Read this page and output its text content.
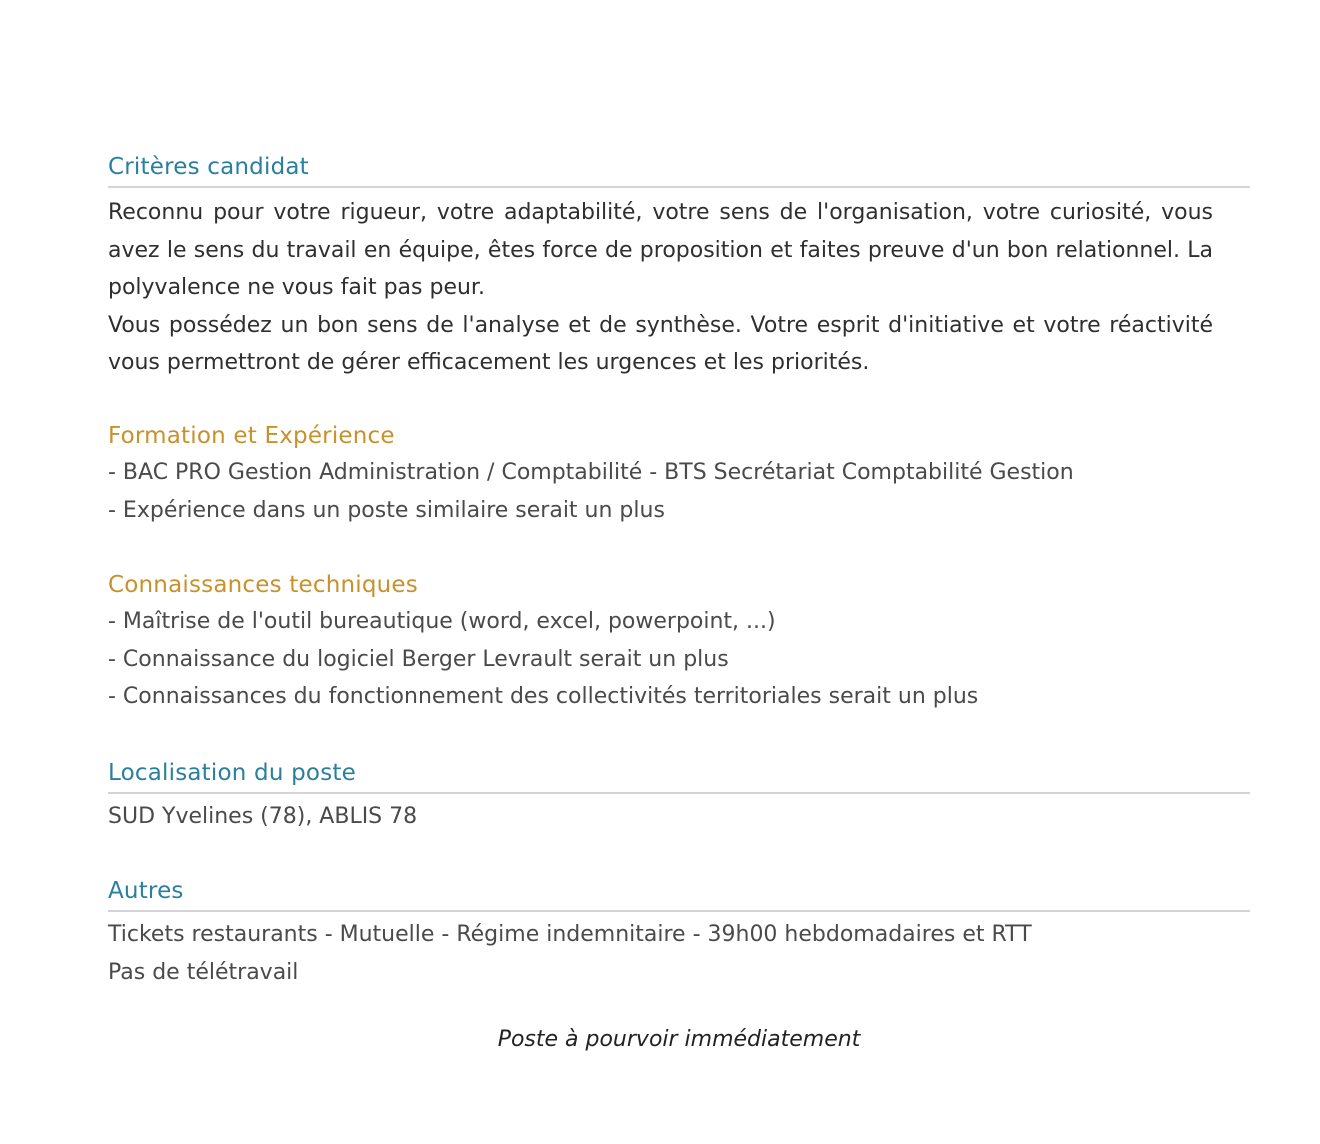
Critères candidat

Reconnu pour votre rigueur, votre adaptabilité, votre sens de l'organisation, votre curiosité, vous avez le sens du travail en équipe, êtes force de proposition et faites preuve d'un bon relationnel. La polyvalence ne vous fait pas peur.

Vous possédez un bon sens de l'analyse et de synthèse. Votre esprit d'initiative et votre réactivité vous permettront de gérer efficacement les urgences et les priorités.

Formation et Expérience

- BAC PRO Gestion Administration / Comptabilité - BTS Secrétariat Comptabilité Gestion

- Expérience dans un poste similaire serait un plus

Connaissances techniques

- Maîtrise de l'outil bureautique (word, excel, powerpoint, ...)

- Connaissance du logiciel Berger Levrault serait un plus

- Connaissances du fonctionnement des collectivités territoriales serait un plus

Localisation du poste

SUD Yvelines (78), ABLIS 78

Autres

Tickets restaurants - Mutuelle - Régime indemnitaire - 39h00 hebdomadaires et RTT

Pas de télétravail

Poste à pourvoir immédiatement
